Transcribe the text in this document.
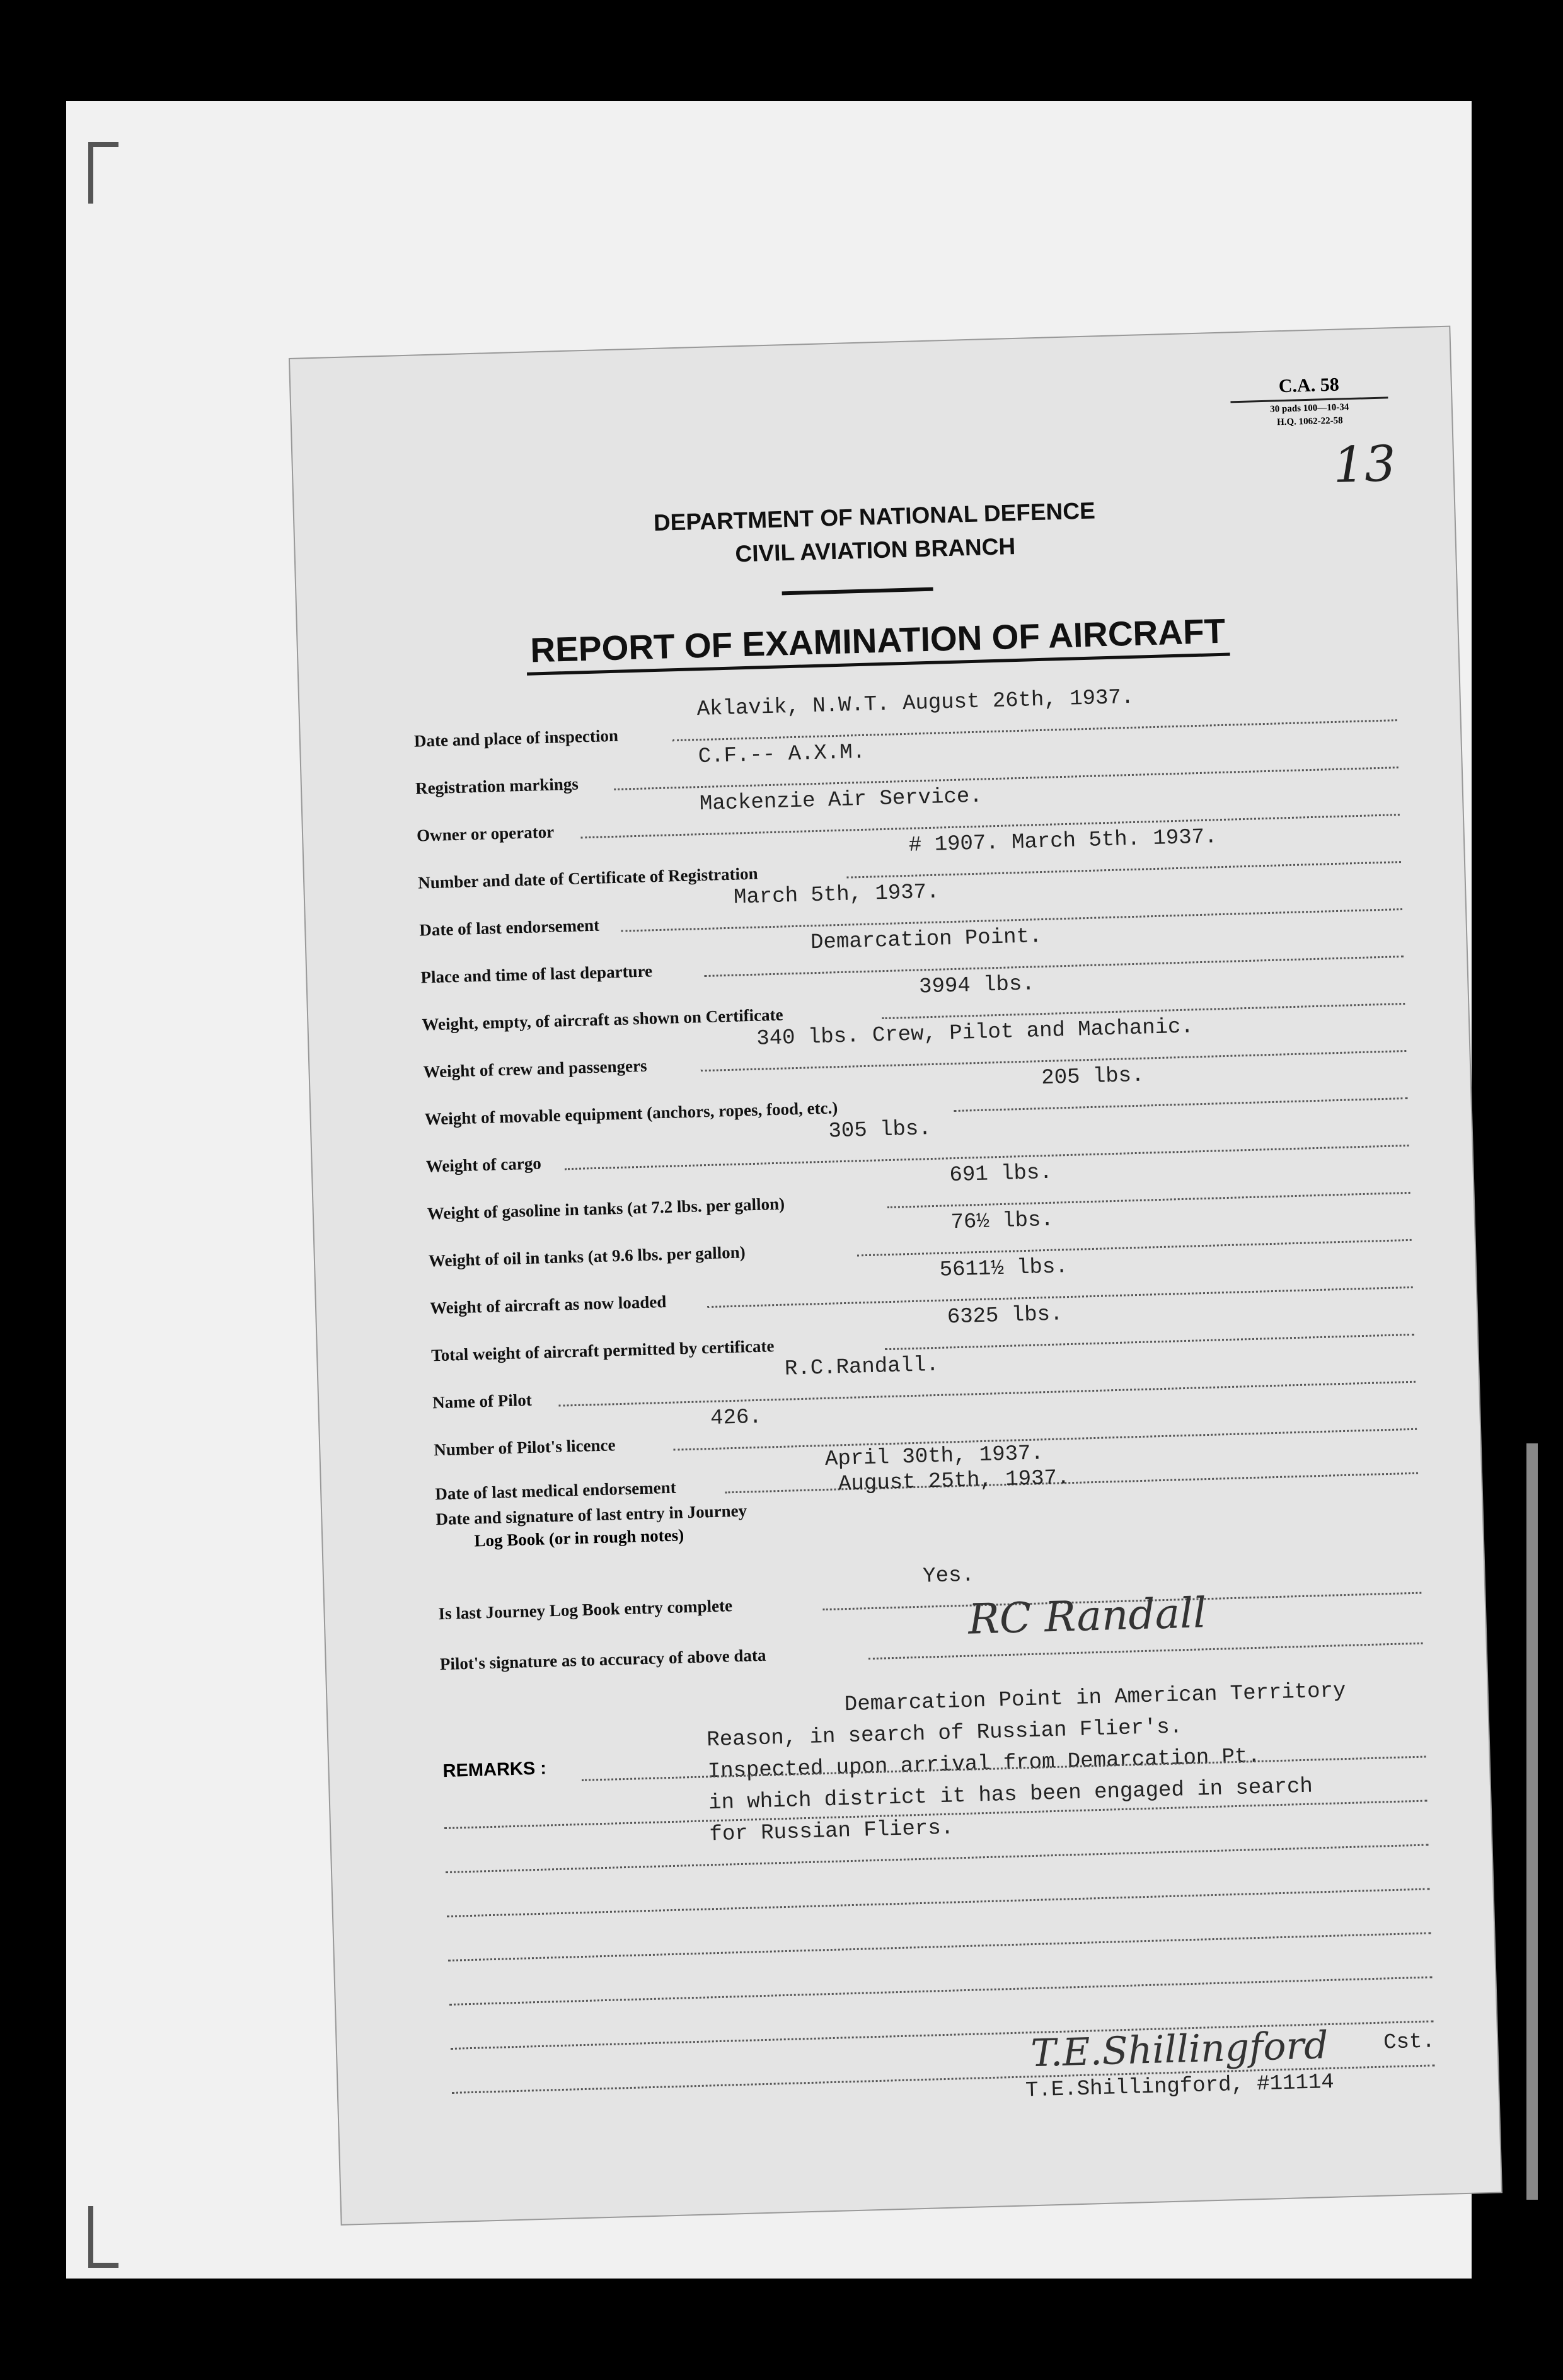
C.A. 58
30 pads 100—10-34
H.Q. 1062-22-58
13
DEPARTMENT OF NATIONAL DEFENCE
CIVIL AVIATION BRANCH
REPORT OF EXAMINATION OF AIRCRAFT
Date and place of inspection
Aklavik, N.W.T. August 26th, 1937.
Registration markings
C.F.-- A.X.M.
Owner or operator
Mackenzie Air Service.
Number and date of Certificate of Registration
# 1907. March 5th. 1937.
Date of last endorsement
March 5th, 1937.
Place and time of last departure
Demarcation Point.
Weight, empty, of aircraft as shown on Certificate
3994 lbs.
Weight of crew and passengers
340 lbs. Crew, Pilot and Machanic.
Weight of movable equipment (anchors, ropes, food, etc.)
205 lbs.
Weight of cargo
305 lbs.
Weight of gasoline in tanks (at 7.2 lbs. per gallon)
691 lbs.
Weight of oil in tanks (at 9.6 lbs. per gallon)
76½ lbs.
Weight of aircraft as now loaded
5611½ lbs.
Total weight of aircraft permitted by certificate
6325 lbs.
Name of Pilot
R.C.Randall.
Number of Pilot's licence
426.
Date of last medical endorsement
April 30th, 1937.
Date and signature of last entry in Journey
Log Book (or in rough notes)
August 25th, 1937.
Is last Journey Log Book entry complete
Yes.
Pilot's signature as to accuracy of above data
RC Randall
REMARKS :
Demarcation Point in American Territory
Reason, in search of Russian Flier's.
Inspected upon arrival from Demarcation Pt.
in which district it has been engaged in search
for Russian Fliers.
T.E.Shillingford	Cst.
T.E.Shillingford, #11114
